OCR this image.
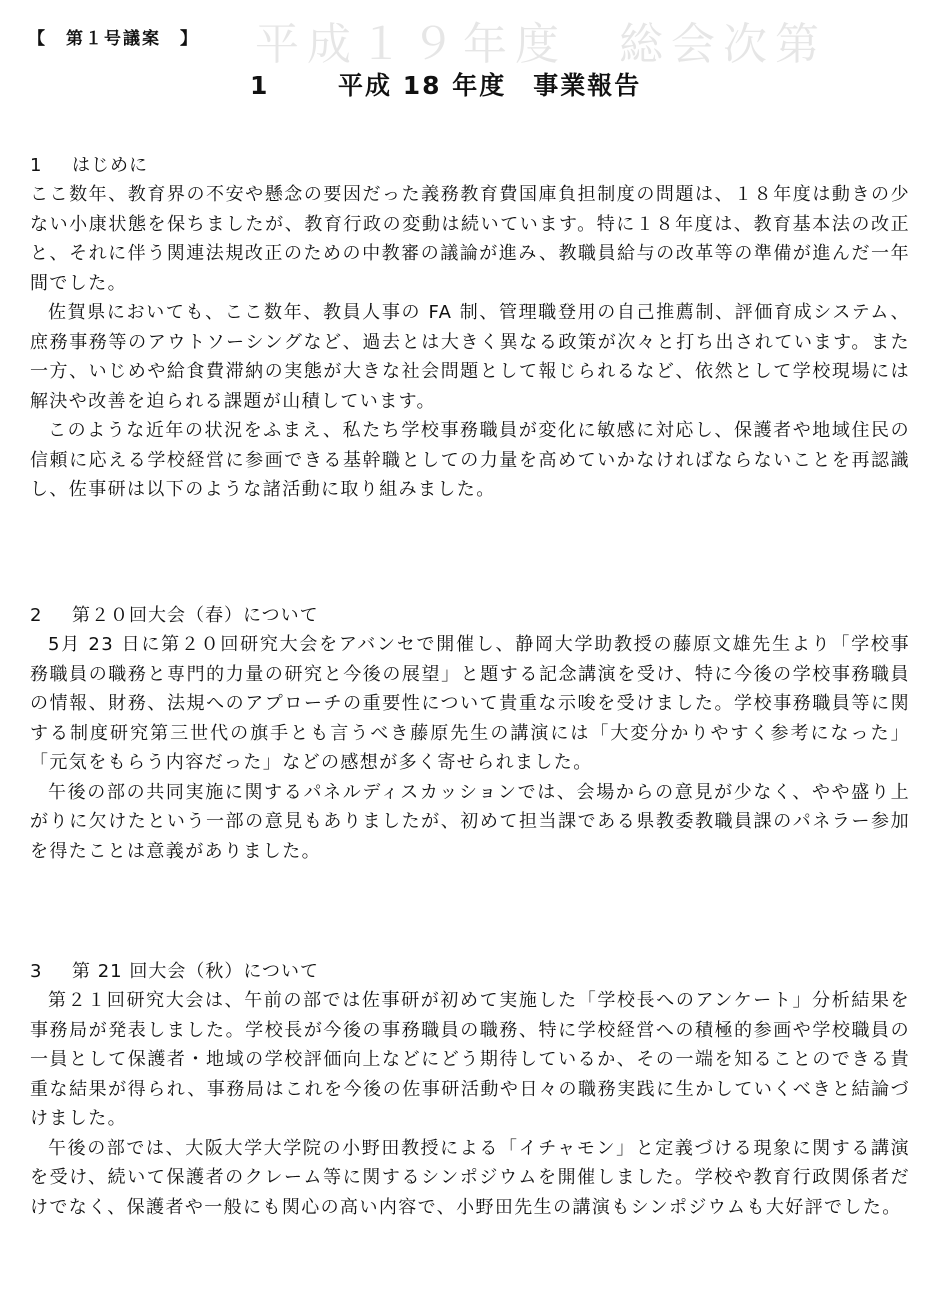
平成１９年度　総会次第
【　第１号議案　】
1	平成 18 年度　事業報告
1 はじめに

ここ数年、教育界の不安や懸念の要因だった義務教育費国庫負担制度の問題は、１８年度は動きの少ない小康状態を保ちましたが、教育行政の変動は続いています。特に１８年度は、教育基本法の改正と、それに伴う関連法規改正のための中教審の議論が進み、教職員給与の改革等の準備が進んだ一年間でした。

佐賀県においても、ここ数年、教員人事の FA 制、管理職登用の自己推薦制、評価育成システム、庶務事務等のアウトソーシングなど、過去とは大きく異なる政策が次々と打ち出されています。また一方、いじめや給食費滞納の実態が大きな社会問題として報じられるなど、依然として学校現場には解決や改善を迫られる課題が山積しています。

このような近年の状況をふまえ、私たち学校事務職員が変化に敏感に対応し、保護者や地域住民の信頼に応える学校経営に参画できる基幹職としての力量を高めていかなければならないことを再認識し、佐事研は以下のような諸活動に取り組みました。

2 第２０回大会（春）について

5月 23 日に第２０回研究大会をアバンセで開催し、静岡大学助教授の藤原文雄先生より「学校事務職員の職務と専門的力量の研究と今後の展望」と題する記念講演を受け、特に今後の学校事務職員の情報、財務、法規へのアプローチの重要性について貴重な示唆を受けました。学校事務職員等に関する制度研究第三世代の旗手とも言うべき藤原先生の講演には「大変分かりやすく参考になった」「元気をもらう内容だった」などの感想が多く寄せられました。

午後の部の共同実施に関するパネルディスカッションでは、会場からの意見が少なく、やや盛り上がりに欠けたという一部の意見もありましたが、初めて担当課である県教委教職員課のパネラー参加を得たことは意義がありました。

3 第 21 回大会（秋）について

第２１回研究大会は、午前の部では佐事研が初めて実施した「学校長へのアンケート」分析結果を事務局が発表しました。学校長が今後の事務職員の職務、特に学校経営への積極的参画や学校職員の一員として保護者・地域の学校評価向上などにどう期待しているか、その一端を知ることのできる貴重な結果が得られ、事務局はこれを今後の佐事研活動や日々の職務実践に生かしていくべきと結論づけました。

午後の部では、大阪大学大学院の小野田教授による「イチャモン」と定義づける現象に関する講演を受け、続いて保護者のクレーム等に関するシンポジウムを開催しました。学校や教育行政関係者だけでなく、保護者や一般にも関心の高い内容で、小野田先生の講演もシンポジウムも大好評でした。
